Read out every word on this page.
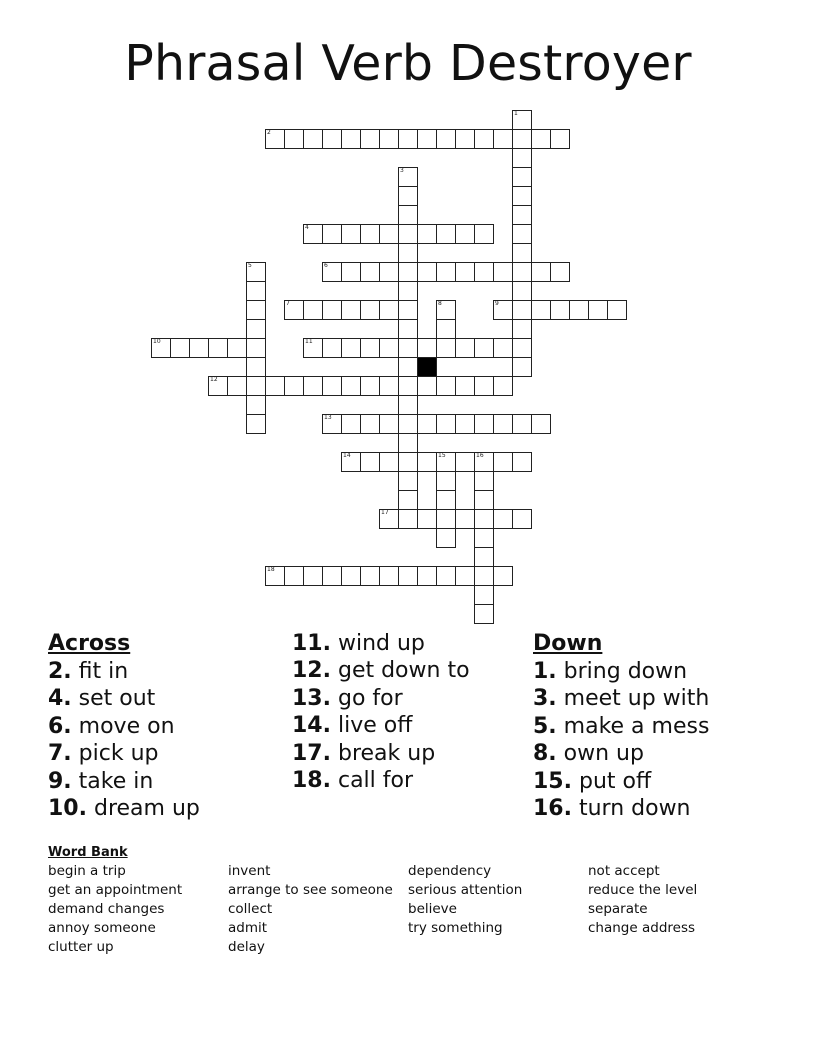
Phrasal Verb Destroyer
1
2
3
4
5	6
7	8	9
10	11
12
13
14	15	16
17
18
Across
2. fit in
4. set out
6. move on
7. pick up
9. take in
10. dream up
11. wind up
12. get down to
13. go for
14. live off
17. break up
18. call for
Down
1. bring down
3. meet up with
5. make a mess
8. own up
15. put off
16. turn down
Word Bank
begin a trip
get an appointment
demand changes
annoy someone
clutter up
invent
arrange to see someone
collect
admit
delay
dependency
serious attention
believe
try something
not accept
reduce the level
separate
change address
